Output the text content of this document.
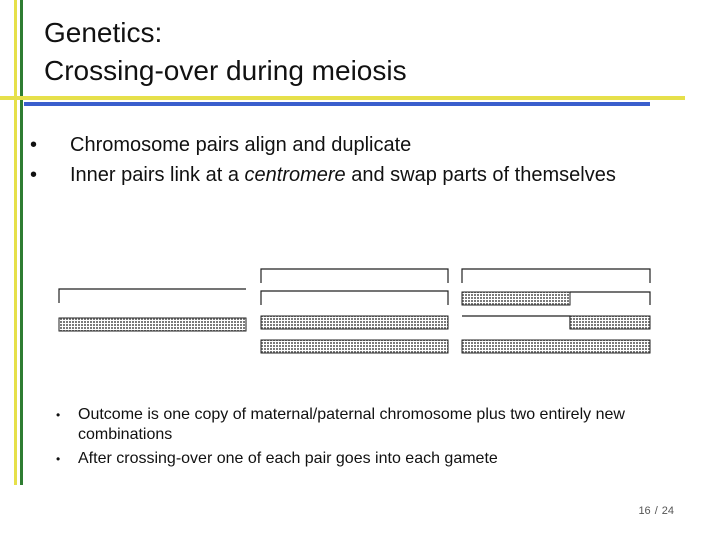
Genetics:
Crossing-over during meiosis
• Chromosome pairs align and duplicate
• Inner pairs link at a centromere and swap parts of themselves
• Outcome is one copy of maternal/paternal chromosome plus two entirely new combinations
• After crossing-over one of each pair goes into each gamete
16 / 24
